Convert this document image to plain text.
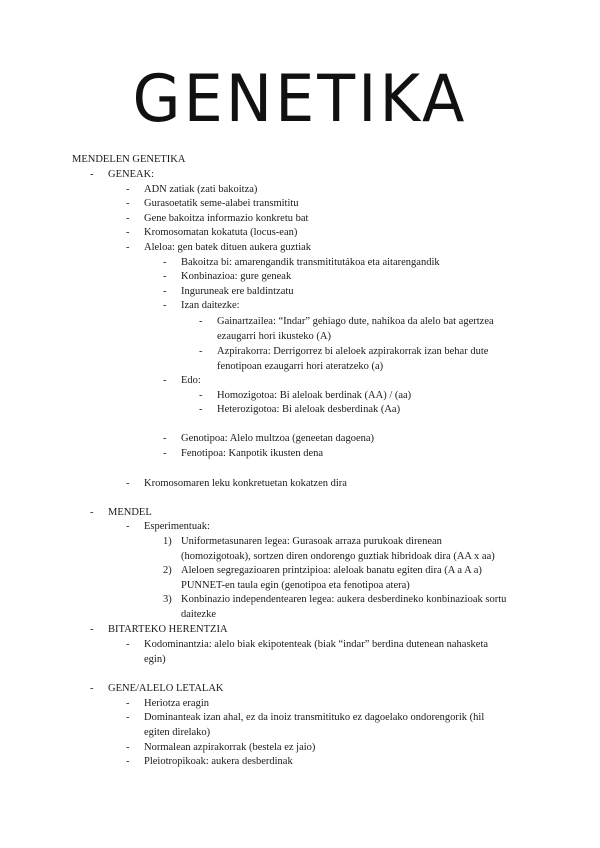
GENETIKA
MENDELEN GENETIKA
- GENEAK:
- ADN zatiak (zati bakoitza)
- Gurasoetatik seme-alabei transmititu
- Gene bakoitza informazio konkretu bat
- Kromosomatan kokatuta (locus-ean)
- Aleloa: gen batek dituen aukera guztiak
- Bakoitza bi: amarengandik transmititutákoa eta aitarengandik
- Konbinazioa: gure geneak
- Inguruneak ere baldintzatu
- Izan daitezke:
- Gainartzailea: “Indar” gehiago dute, nahikoa da alelo bat agertzea
ezaugarri hori ikusteko (A)
- Azpirakorra: Derrigorrez bi aleloek azpirakorrak izan behar dute
fenotipoan ezaugarri hori ateratzeko (a)
- Edo:
- Homozigotoa: Bi aleloak berdinak (AA) / (aa)
- Heterozigotoa: Bi aleloak desberdinak (Aa)
- Genotipoa: Alelo multzoa (geneetan dagoena)
- Fenotipoa: Kanpotik ikusten dena
- Kromosomaren leku konkretuetan kokatzen dira
- MENDEL
- Esperimentuak:
1) Uniformetasunaren legea: Gurasoak arraza purukoak direnean
(homozigotoak), sortzen diren ondorengo guztiak hibridoak dira (AA x aa)
2) Aleloen segregazioaren printzipioa: aleloak banatu egiten dira (A a A a)
PUNNET-en taula egin (genotipoa eta fenotipoa atera)
3) Konbinazio independentearen legea: aukera desberdineko konbinazioak sortu
daitezke
- BITARTEKO HERENTZIA
- Kodominantzia: alelo biak ekipotenteak (biak “indar” berdina dutenean nahasketa
egin)
- GENE/ALELO LETALAK
- Heriotza eragin
- Dominanteak izan ahal, ez da inoiz transmitituko ez dagoelako ondorengorik (hil
egiten direlako)
- Normalean azpirakorrak (bestela ez jaio)
- Pleiotropikoak: aukera desberdinak
